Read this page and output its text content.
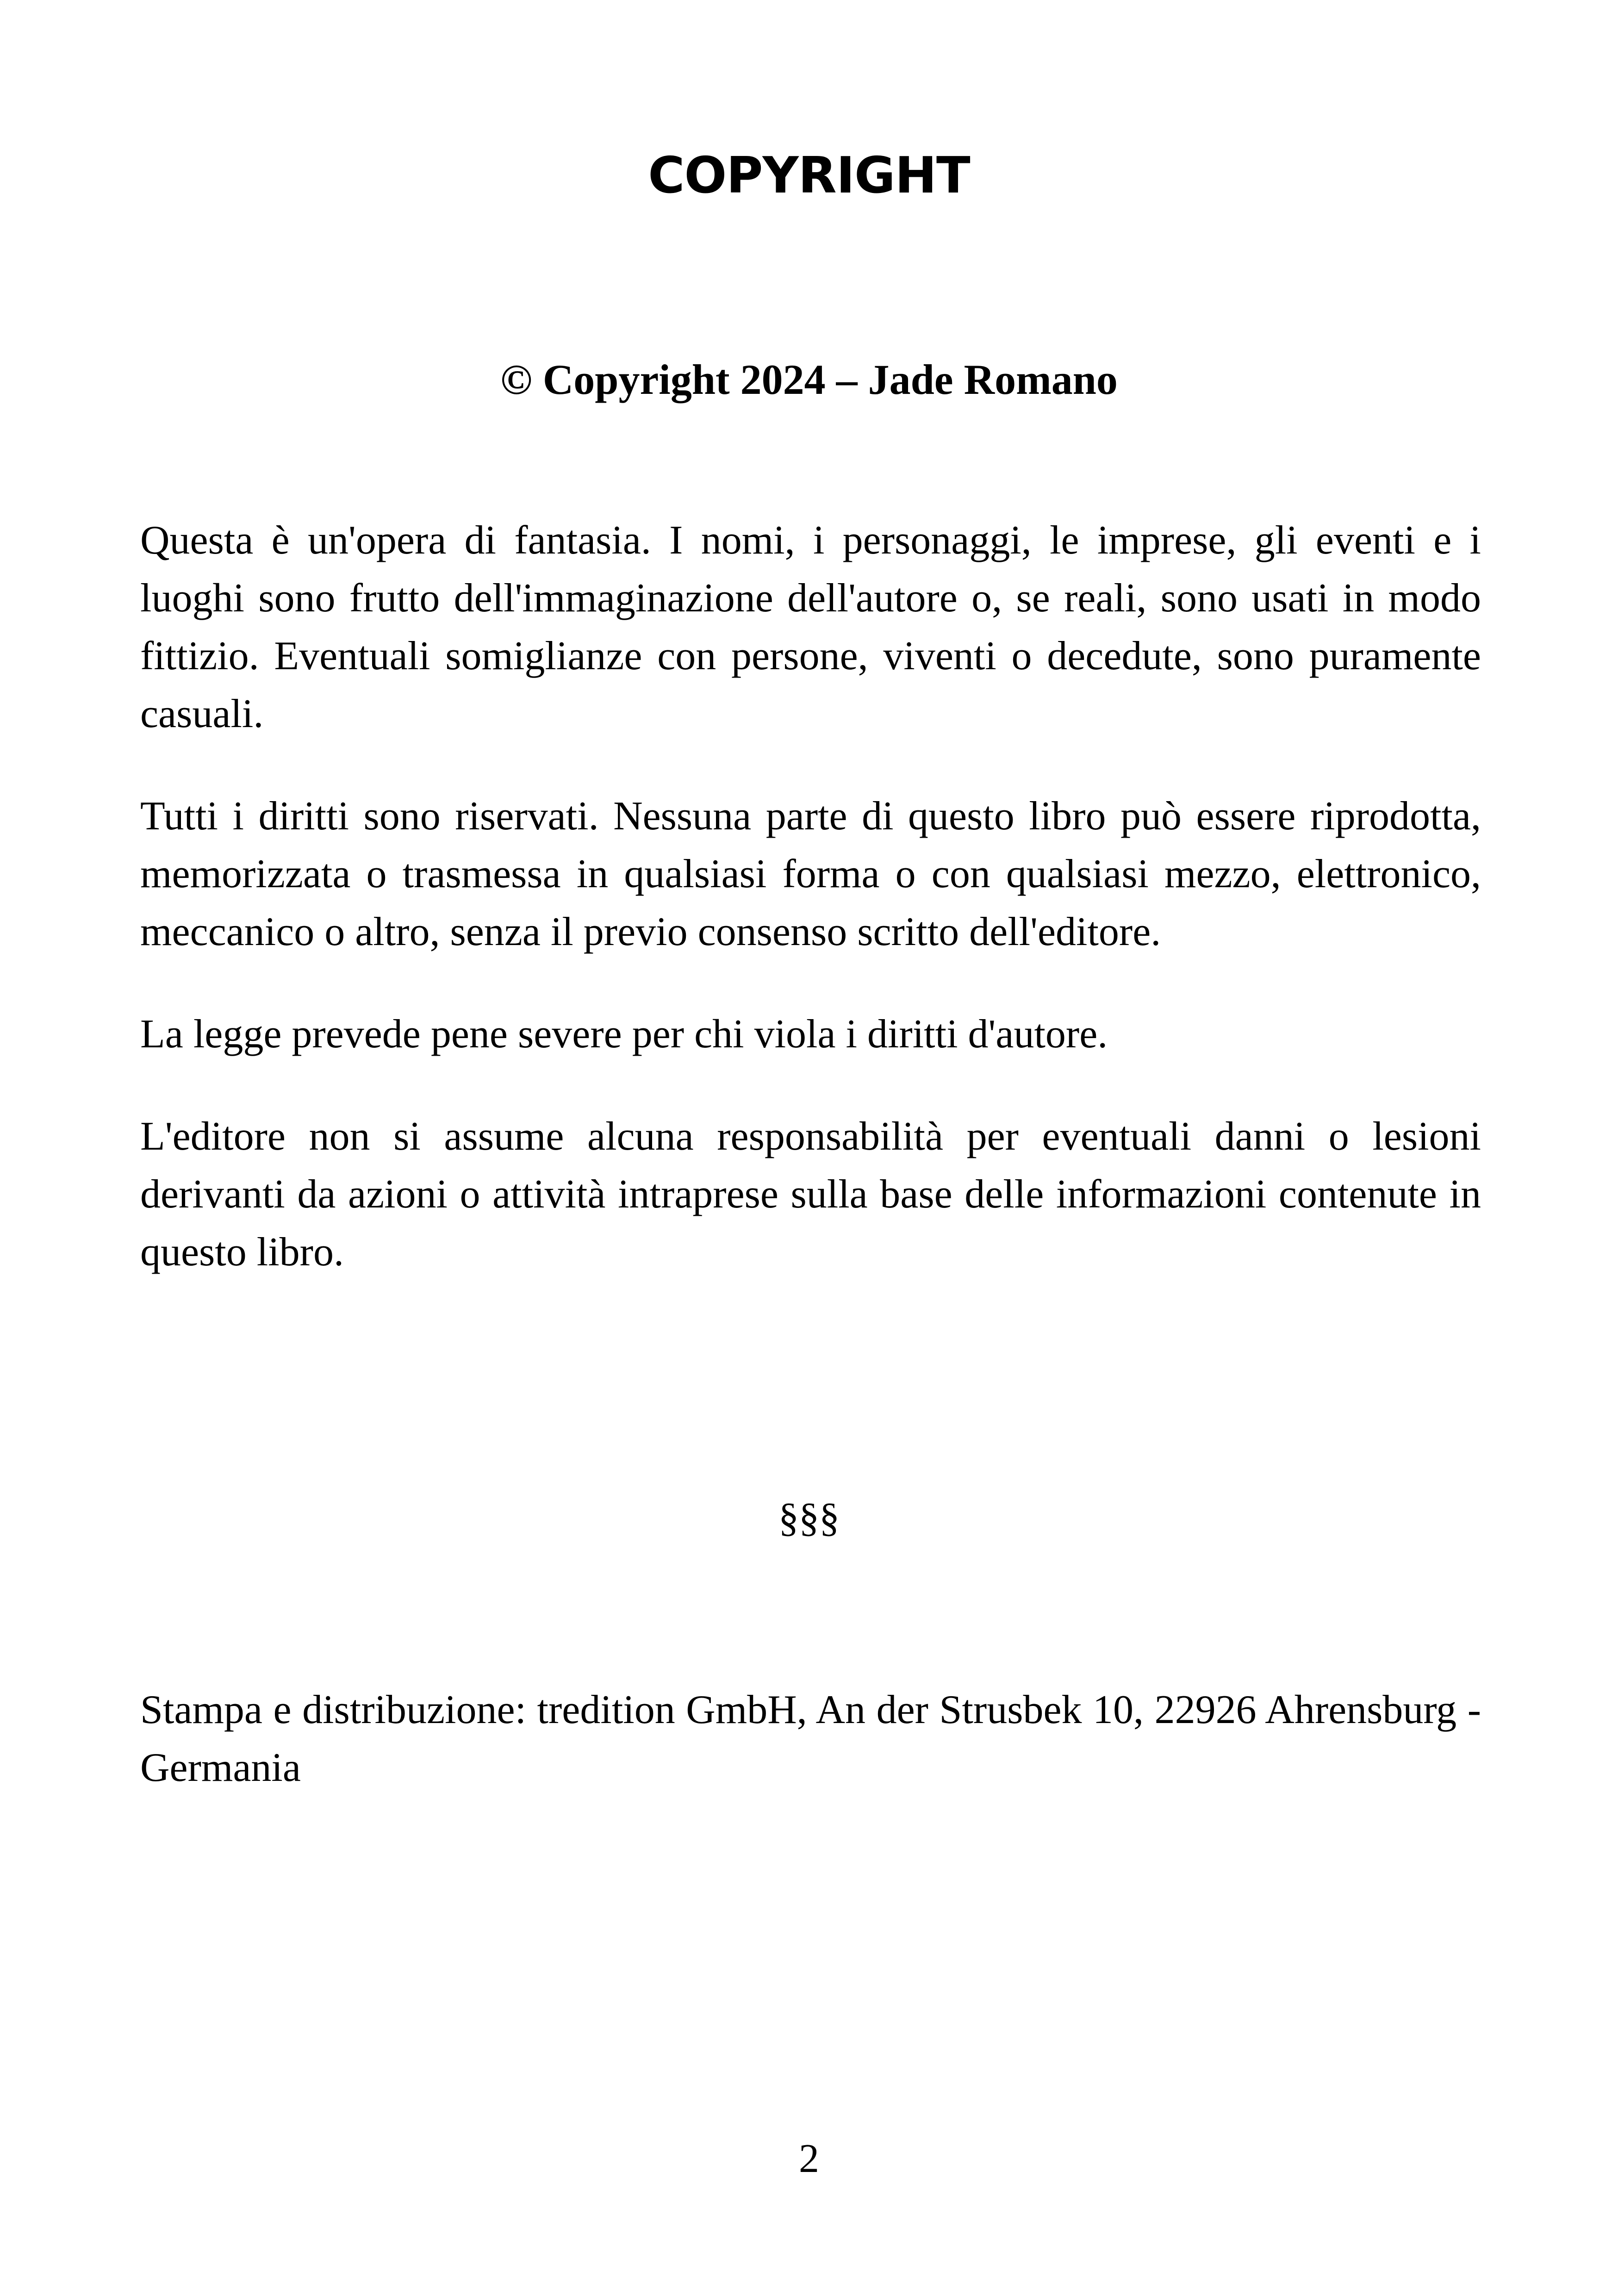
COPYRIGHT
© Copyright 2024 – Jade Romano

Questa è un'opera di fantasia. I nomi, i personaggi, le imprese, gli eventi e i luoghi sono frutto dell'immaginazione dell'autore o, se reali, sono usati in modo fittizio. Eventuali somiglianze con persone, viventi o decedute, sono puramente casuali.

Tutti i diritti sono riservati. Nessuna parte di questo libro può essere riprodotta, memorizzata o trasmessa in qualsiasi forma o con qualsiasi mezzo, elettronico, meccanico o altro, senza il previo consenso scritto dell'editore.

La legge prevede pene severe per chi viola i diritti d'autore.

L'editore non si assume alcuna responsabilità per eventuali danni o lesioni derivanti da azioni o attività intraprese sulla base delle informazioni contenute in questo libro.

§§§

Stampa e distribuzione: tredition GmbH, An der Strusbek 10, 22926 Ahrensburg - Germania

2
